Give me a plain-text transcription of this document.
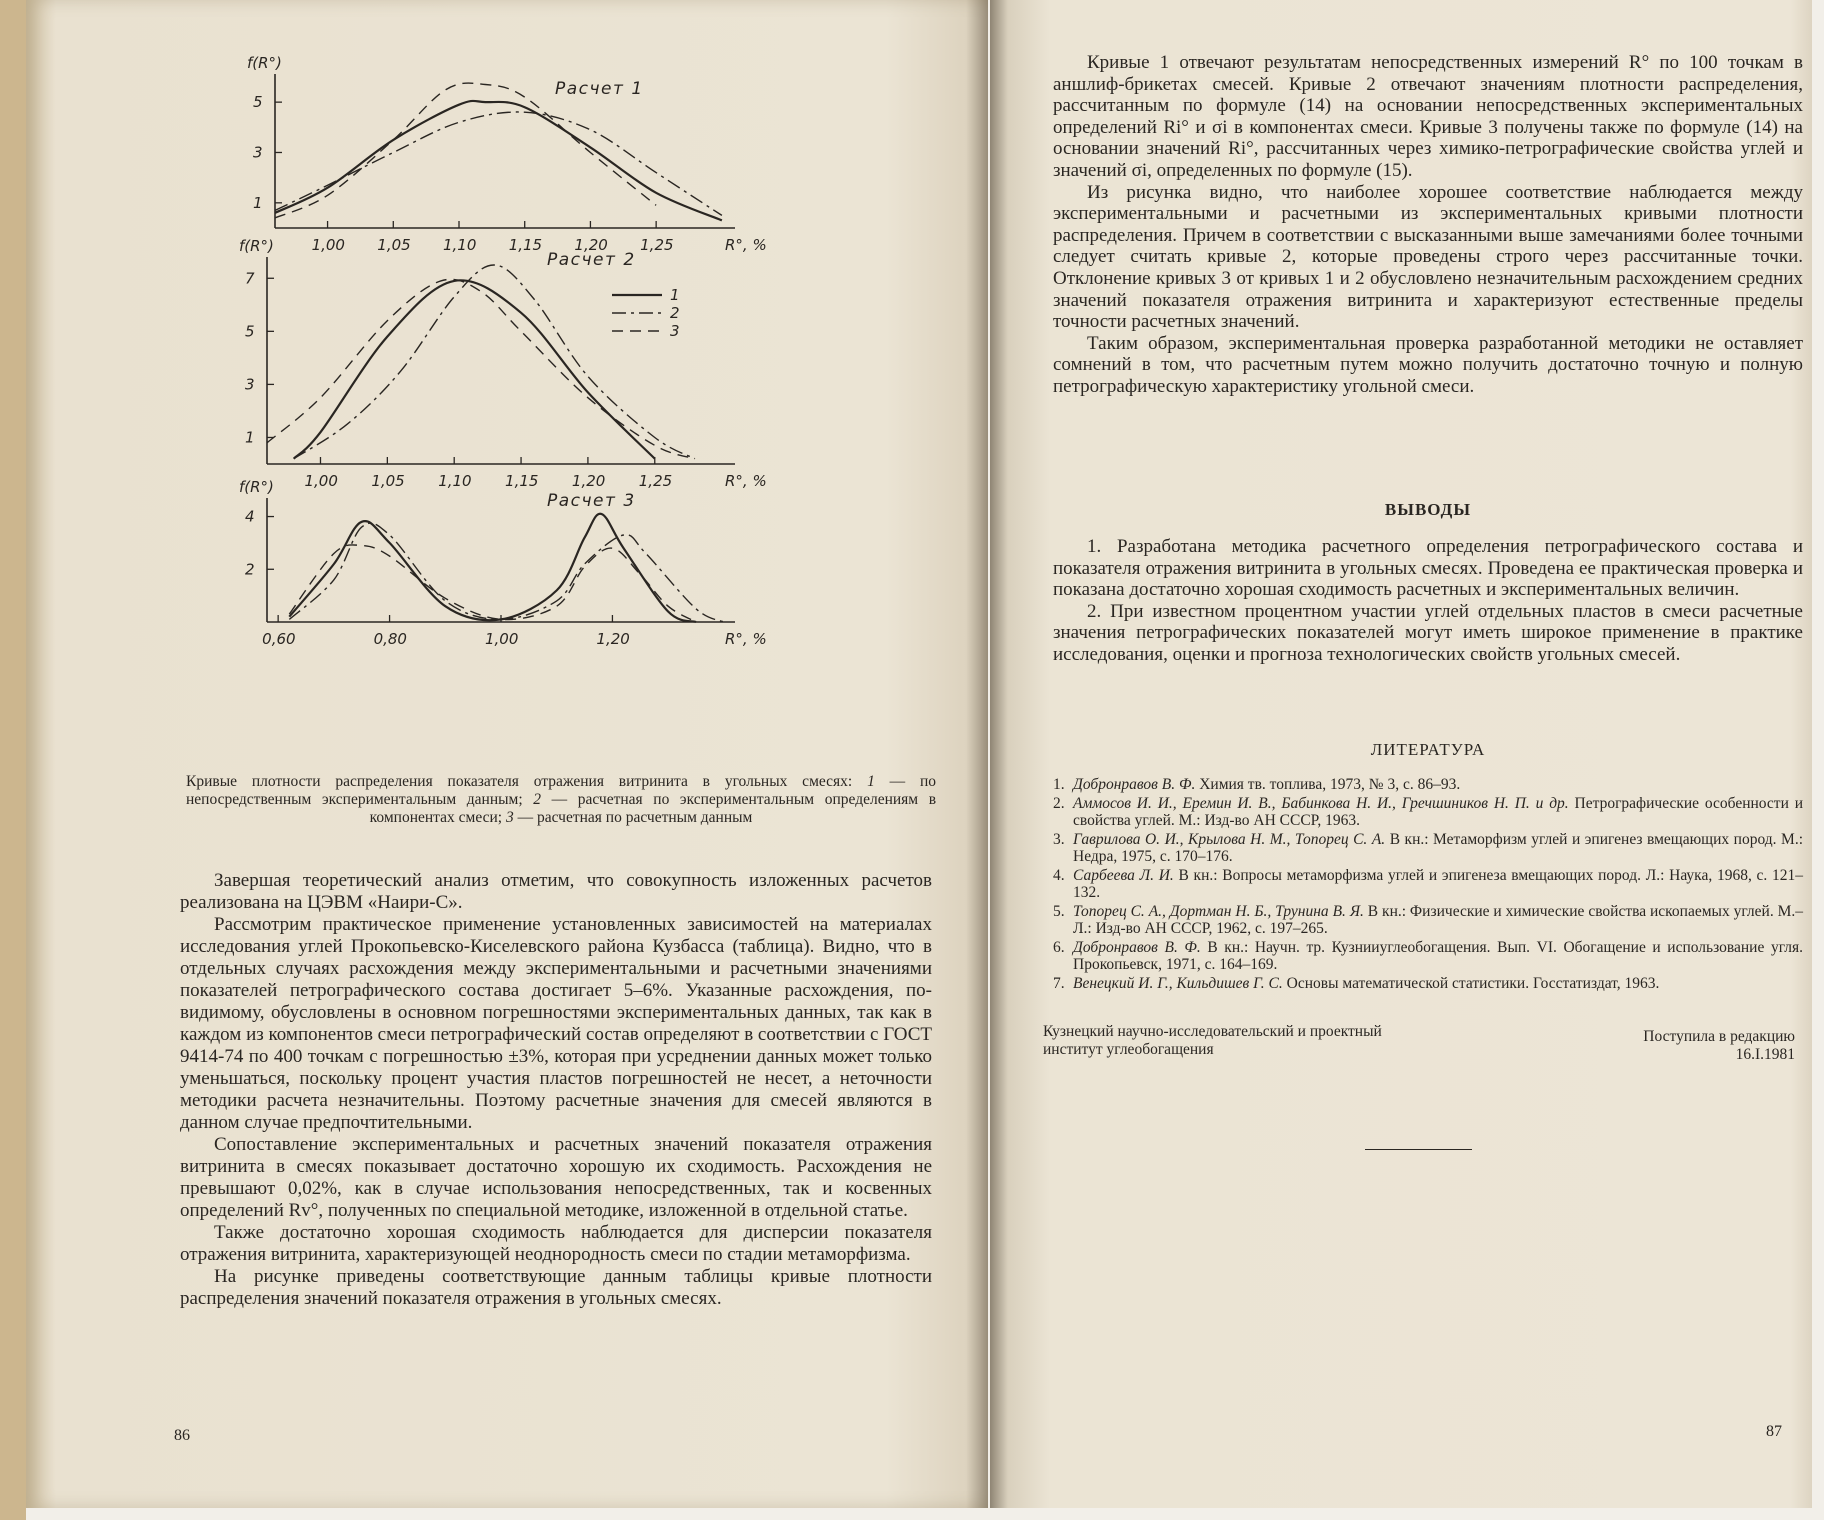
f(R°)
Расчет 1
1
3
5
1,00 1,05 1,10 1,15 1,20 1,25	R°, %
f(R°)
Расчет 2
1
3
5
7
1,00 1,05 1,10 1,15 1,20 1,25	R°, %
1
2
3
f(R°)
Расчет 3
2
4
0,60	0,80	1,00	1,20	R°, %
Кривые плотности распределения показателя отражения витринита в угольных смесях: 1 — по непосредственным экспериментальным данным; 2 — расчетная по экспериментальным определениям в компонентах смеси; 3 — расчетная по расчетным данным

Завершая теоретический анализ отметим, что совокупность изложенных расчетов реализована на ЦЭВМ «Наири-С».

Рассмотрим практическое применение установленных зависимостей на материалах исследования углей Прокопьевско-Киселевского района Кузбасса (таблица). Видно, что в отдельных случаях расхождения между экспериментальными и расчетными значениями показателей петрографического состава достигает 5–6%. Указанные расхождения, по-видимому, обусловлены в основном погрешностями экспериментальных данных, так как в каждом из компонентов смеси петрографический состав определяют в соответствии с ГОСТ 9414-74 по 400 точкам с погрешностью ±3%, которая при усреднении данных может только уменьшаться, поскольку процент участия пластов погрешностей не несет, а неточности методики расчета незначительны. Поэтому расчетные значения для смесей являются в данном случае предпочтительными.

Сопоставление экспериментальных и расчетных значений показателя отражения витринита в смесях показывает достаточно хорошую их сходимость. Расхождения не превышают 0,02%, как в случае использования непосредственных, так и косвенных определений Rv°, полученных по специальной методике, изложенной в отдельной статье.

Также достаточно хорошая сходимость наблюдается для дисперсии показателя отражения витринита, характеризующей неоднородность смеси по стадии метаморфизма.

На рисунке приведены соответствующие данным таблицы кривые плотности распределения значений показателя отражения в угольных смесях.

86

Кривые 1 отвечают результатам непосредственных измерений R° по 100 точкам в аншлиф-брикетах смесей. Кривые 2 отвечают значениям плотности распределения, рассчитанным по формуле (14) на основании непосредственных экспериментальных определений Ri° и σi в компонентах смеси. Кривые 3 получены также по формуле (14) на основании значений Ri°, рассчитанных через химико-петрографические свойства углей и значений σi, определенных по формуле (15).

Из рисунка видно, что наиболее хорошее соответствие наблюдается между экспериментальными и расчетными из экспериментальных кривыми плотности распределения. Причем в соответствии с высказанными выше замечаниями более точными следует считать кривые 2, которые проведены строго через рассчитанные точки. Отклонение кривых 3 от кривых 1 и 2 обусловлено незначительным расхождением средних значений показателя отражения витринита и характеризуют естественные пределы точности расчетных значений.

Таким образом, экспериментальная проверка разработанной методики не оставляет сомнений в том, что расчетным путем можно получить достаточно точную и полную петрографическую характеристику угольной смеси.

ВЫВОДЫ

1. Разработана методика расчетного определения петрографического состава и показателя отражения витринита в угольных смесях. Проведена ее практическая проверка и показана достаточно хорошая сходимость расчетных и экспериментальных величин.

2. При известном процентном участии углей отдельных пластов в смеси расчетные значения петрографических показателей могут иметь широкое применение в практике исследования, оценки и прогноза технологических свойств угольных смесей.

ЛИТЕРАТУРА
1. Добронравов В. Ф. Химия тв. топлива, 1973, № 3, с. 86–93.
2. Аммосов И. И., Еремин И. В., Бабинкова Н. И., Гречшиников Н. П. и др. Петрографические особенности и свойства углей. М.: Изд-во АН СССР, 1963.
3. Гаврилова О. И., Крылова Н. М., Топорец С. А. В кн.: Метаморфизм углей и эпигенез вмещающих пород. М.: Недра, 1975, с. 170–176.
4. Сарбеева Л. И. В кн.: Вопросы метаморфизма углей и эпигенеза вмещающих пород. Л.: Наука, 1968, с. 121–132.
5. Топорец С. А., Дортман Н. Б., Трунина В. Я. В кн.: Физические и химические свойства ископаемых углей. М.– Л.: Изд-во АН СССР, 1962, с. 197–265.
6. Добронравов В. Ф. В кн.: Научн. тр. Кузнииуглеобогащения. Вып. VI. Обогащение и использование угля. Прокопьевск, 1971, с. 164–169.
7. Венецкий И. Г., Кильдишев Г. С. Основы математической статистики. Госстатиздат, 1963.
Кузнецкий научно-исследовательский и проектный институт углеобогащения
Поступила в редакцию
16.I.1981
87
